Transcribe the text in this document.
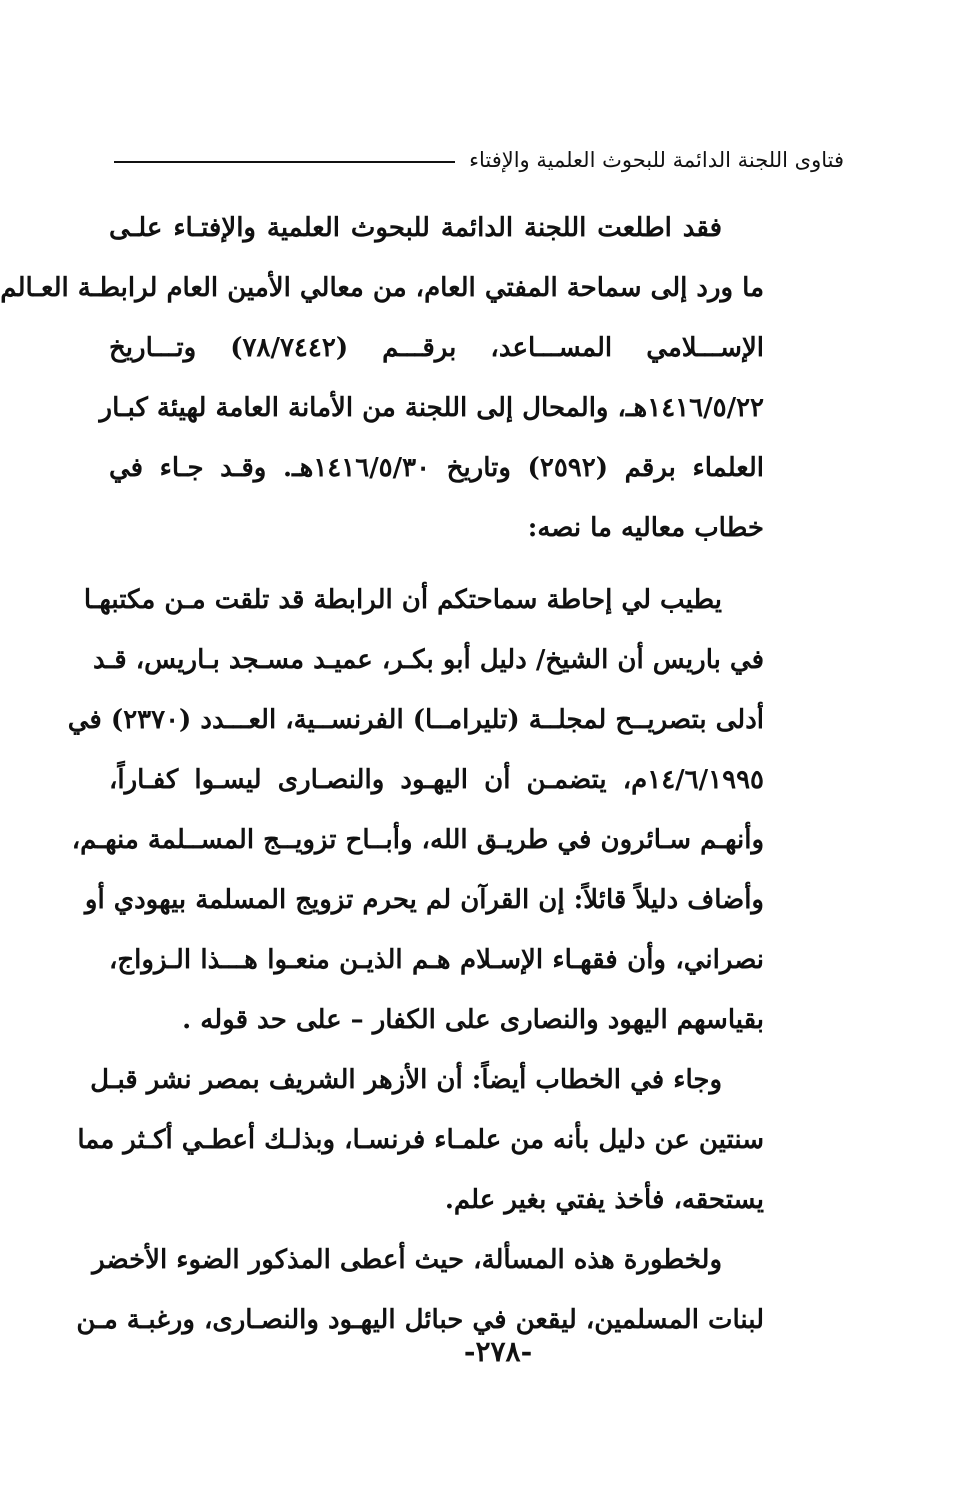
فتاوى اللجنة الدائمة للبحوث العلمية والإفتاء
فقد اطلعت اللجنة الدائمة للبحوث العلمية والإفتـاء علـى
ما ورد إلى سماحة المفتي العام، من معالي الأمين العام لرابطـة العـالم
الإســـلامي المســـاعد، برقـــم (٧٨/٧٤٤٢) وتـــاريخ
١٤١٦/٥/٢٢هـ، والمحال إلى اللجنة من الأمانة العامة لهيئة كبـار
العلماء برقم (٢٥٩٢) وتاريخ ١٤١٦/٥/٣٠هـ. وقـد جـاء في
خطاب معاليه ما نصه:
يطيب لي إحاطة سماحتكم أن الرابطة قد تلقت مـن مكتبهـا
في باريس أن الشيخ/ دليل أبو بكـر، عميـد مسـجد بـاريس، قـد
أدلى بتصريــح لمجلــة (تليرامــا) الفرنســية، العـــدد (٢٣٧٠) في
١٤/٦/١٩٩٥م، يتضمـن أن اليهـود والنصـارى ليسـوا كفـاراً،
وأنهـم سـائرون في طريـق الله، وأبــاح تزويــج المســلمة منهـم،
وأضاف دليلاً قائلاً: إن القرآن لم يحرم تزويج المسلمة بيهودي أو
نصراني، وأن فقهـاء الإسـلام هـم الذيـن منعـوا هـــذا الـزواج،
بقياسهم اليهود والنصارى على الكفار – على حد قوله .
وجاء في الخطاب أيضاً: أن الأزهر الشريف بمصر نشر قبـل
سنتين عن دليل بأنه من علمـاء فرنسـا، وبذلـك أعطـي أكـثر مما
يستحقه، فأخذ يفتي بغير علم.
ولخطورة هذه المسألة، حيث أعطى المذكور الضوء الأخضر
لبنات المسلمين، ليقعن في حبائل اليهـود والنصـارى، ورغبـة مـن
-٢٧٨-
